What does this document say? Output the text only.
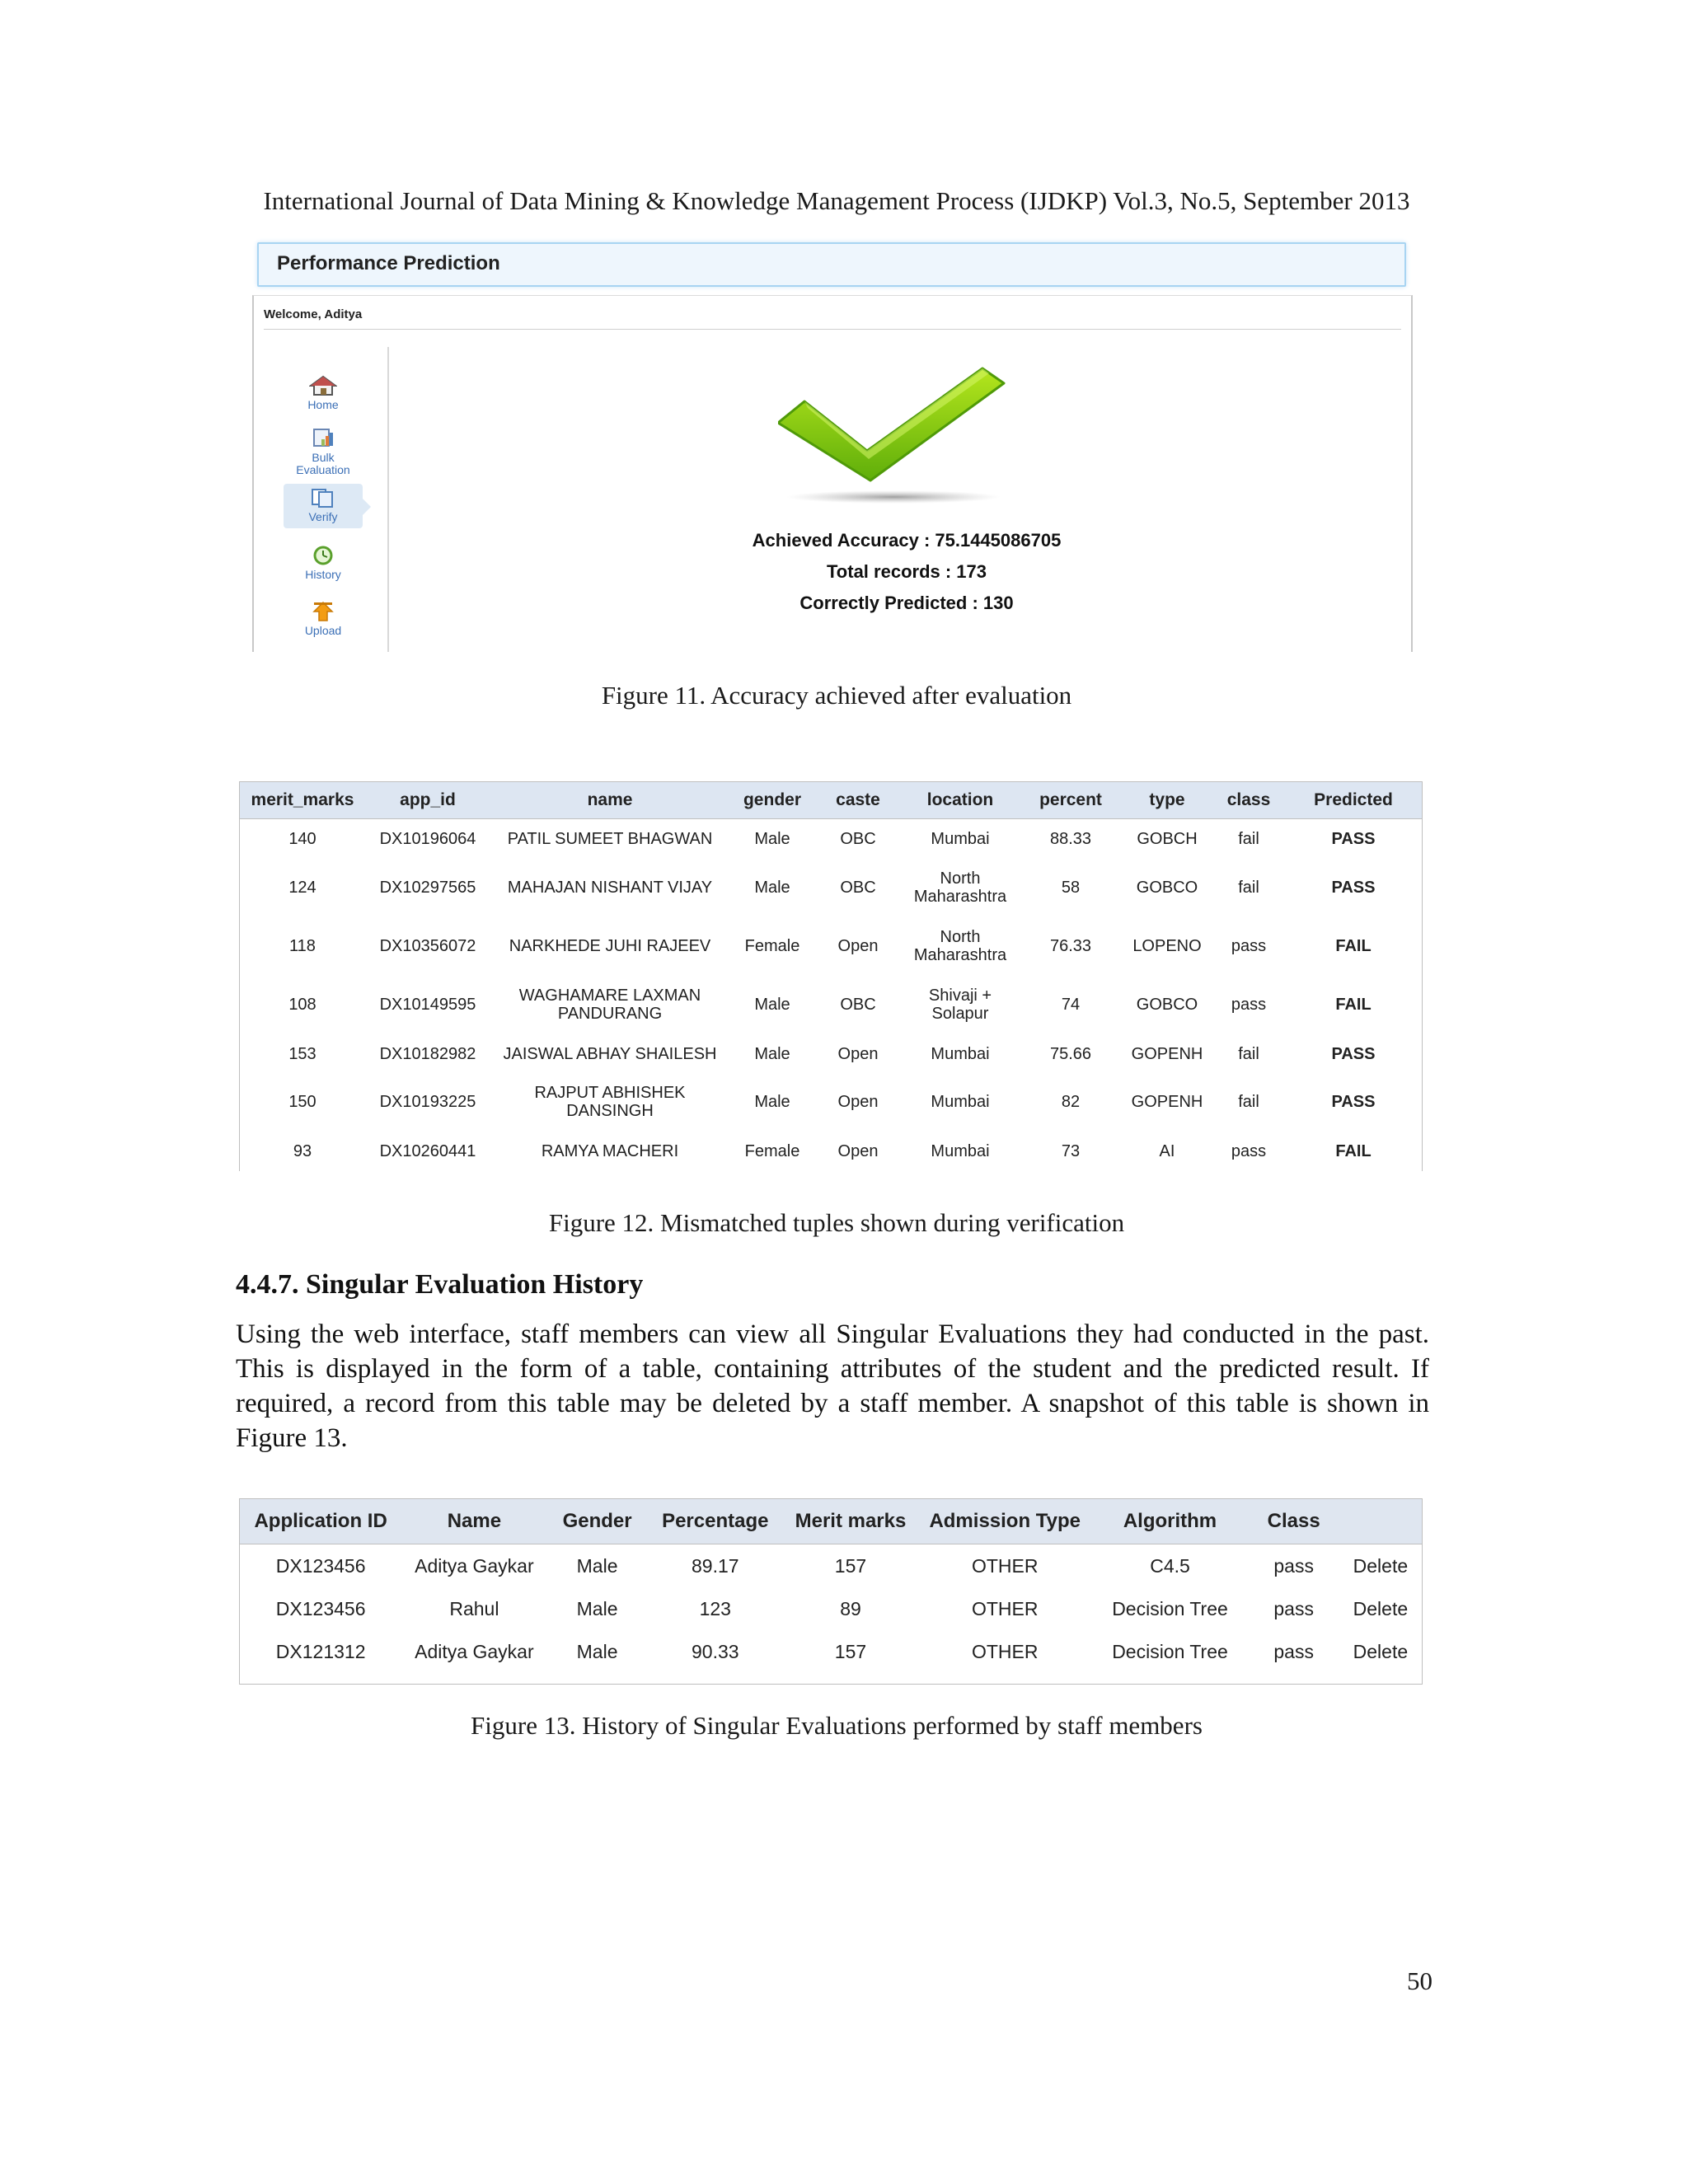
International Journal of Data Mining & Knowledge Management Process (IJDKP) Vol.3, No.5, September 2013
Performance Prediction
Welcome, Aditya
Home
Bulk
Evaluation
Verify
History
Upload
Achieved Accuracy : 75.1445086705
Total records : 173
Correctly Predicted : 130
Figure 11. Accuracy achieved after evaluation
merit_marks	app_id	name	gender	caste	location	percent	type	class	Predicted
140	DX10196064	PATIL SUMEET BHAGWAN	Male	OBC	Mumbai	88.33	GOBCH	fail	PASS
124	DX10297565	MAHAJAN NISHANT VIJAY	Male	OBC	North Maharashtra	58	GOBCO	fail	PASS
118	DX10356072	NARKHEDE JUHI RAJEEV	Female	Open	North Maharashtra	76.33	LOPENO	pass	FAIL
108	DX10149595	WAGHAMARE LAXMAN PANDURANG	Male	OBC	Shivaji + Solapur	74	GOBCO	pass	FAIL
153	DX10182982	JAISWAL ABHAY SHAILESH	Male	Open	Mumbai	75.66	GOPENH	fail	PASS
150	DX10193225	RAJPUT ABHISHEK DANSINGH	Male	Open	Mumbai	82	GOPENH	fail	PASS
93	DX10260441	RAMYA MACHERI	Female	Open	Mumbai	73	AI	pass	FAIL
Figure 12. Mismatched tuples shown during verification
4.4.7. Singular Evaluation History
Using the web interface, staff members can view all Singular Evaluations they had conducted in the past. This is displayed in the form of a table, containing attributes of the student and the predicted result. If required, a record from this table may be deleted by a staff member. A snapshot of this table is shown in Figure 13.
Application ID	Name	Gender	Percentage	Merit marks	Admission Type	Algorithm	Class	
DX123456	Aditya Gaykar	Male	89.17	157	OTHER	C4.5	pass	Delete
DX123456	Rahul	Male	123	89	OTHER	Decision Tree	pass	Delete
DX121312	Aditya Gaykar	Male	90.33	157	OTHER	Decision Tree	pass	Delete
Figure 13. History of Singular Evaluations performed by staff members
50
